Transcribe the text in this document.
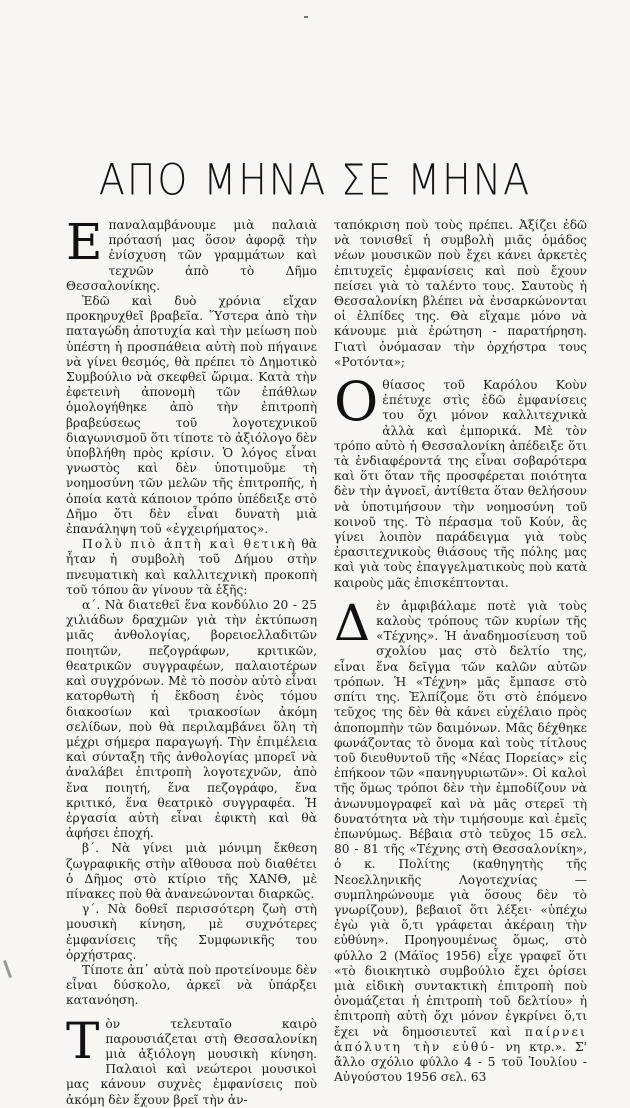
ΑΠΟ ΜΗΝΑ ΣΕ ΜΗΝΑ

Επαναλαμβάνουμε μιὰ παλαιὰ πρότασή μας ὅσον ἀφορᾷ τὴν ἐνίσχυση τῶν γραμμάτων καὶ τεχνῶν ἀπὸ τὸ Δῆμο Θεσσαλονίκης.

Ἐδῶ καὶ δυὸ χρόνια εἴχαν προκηρυχθεῖ βραβεῖα. Ὕστερα ἀπὸ τὴν παταγώδη ἀποτυχία καὶ τὴν μείωση ποὺ ὑπέστη ἡ προσπάθεια αὐτὴ ποὺ πήγαινε νὰ γίνει θεσμός, θὰ πρέπει τὸ Δημοτικὸ Συμβούλιο νὰ σκεφθεῖ ὥριμα. Κατὰ τὴν ἐφετεινὴ ἀπονομὴ τῶν ἐπάθλων ὁμολογήθηκε ἀπὸ τὴν ἐπιτροπὴ βραβεύσεως τοῦ λογοτεχνικοῦ διαγωνισμοῦ ὅτι τίποτε τὸ ἀξιόλογο δὲν ὑποβλήθη πρὸς κρίσιν. Ὁ λόγος εἶναι γνωστὸς καὶ δὲν ὑποτιμοῦμε τὴ νοημοσύνη τῶν μελῶν τῆς ἐπιτροπῆς, ἡ ὁποία κατὰ κάποιον τρόπο ὑπέδειξε στὸ Δῆμο ὅτι δὲν εἶναι δυνατὴ μιὰ ἐπανάληψη τοῦ «ἐγχειρήματος».

Πολὺ πιὸ ἁπτὴ καὶ θετικὴ θὰ ἦταν ἡ συμβολὴ τοῦ Δήμου στὴν πνευματικὴ καὶ καλλιτεχνικὴ προκοπὴ τοῦ τόπου ἂν γίνουν τὰ ἑξῆς:

α΄. Νὰ διατεθεῖ ἕνα κονδύλιο 20 - 25 χιλιάδων δραχμῶν γιὰ τὴν ἐκτύπωση μιᾶς ἀνθολογίας, βορειοελλαδιτῶν ποιητῶν, πεζογράφων, κριτικῶν, θεατρικῶν συγγραφέων, παλαιοτέρων καὶ συγχρόνων. Μὲ τὸ ποσὸν αὐτὸ εἶναι κατορθωτὴ ἡ ἔκδοση ἑνὸς τόμου διακοσίων καὶ τριακοσίων ἀκόμη σελίδων, ποὺ θὰ περιλαμβάνει ὅλη τὴ μέχρι σήμερα παραγωγή. Τὴν ἐπιμέλεια καὶ σύνταξη τῆς ἀνθολογίας μπορεῖ νὰ ἀναλάβει ἐπιτροπὴ λογοτεχνῶν, ἀπὸ ἕνα ποιητή, ἕνα πεζογράφο, ἕνα κριτικό, ἕνα θεατρικὸ συγγραφέα. Ἡ ἐργασία αὐτὴ εἶναι ἐφικτὴ καὶ θὰ ἀφήσει ἐποχή.

β΄. Νὰ γίνει μιὰ μόνιμη ἔκθεση ζωγραφικῆς στὴν αἴθουσα ποὺ διαθέτει ὁ Δῆμος στὸ κτίριο τῆς ΧΑΝΘ, μὲ πίνακες ποὺ θὰ ἀνανεώνονται διαρκῶς.

γ΄. Νὰ δοθεῖ περισσότερη ζωὴ στὴ μουσικὴ κίνηση, μὲ συχνότερες ἐμφανίσεις τῆς Συμφωνικῆς του ὀρχήστρας.

Τίποτε ἀπ᾿ αὐτὰ ποὺ προτείνουμε δὲν εἶναι δύσκολο, ἀρκεῖ νὰ ὑπάρξει κατανόηση.

Τὸν τελευταῖο καιρὸ παρουσιάζεται στὴ Θεσσαλονίκη μιὰ ἀξιόλογη μουσικὴ κίνηση. Παλαιοὶ καὶ νεώτεροι μουσικοὶ μας κάνουν συχνὲς ἐμφανίσεις ποὺ ἀκόμη δὲν ἔχουν βρεῖ τὴν ἀν-

ταπόκριση ποὺ τοὺς πρέπει. Ἀξίζει ἐδῶ νὰ τονισθεῖ ἡ συμβολὴ μιᾶς ὁμάδος νέων μουσικῶν ποὺ ἔχει κάνει ἀρκετὲς ἐπιτυχεῖς ἐμφανίσεις καὶ ποὺ ἔχουν πείσει γιὰ τὸ ταλέντο τους. Σαυτοὺς ἡ Θεσσαλονίκη βλέπει νὰ ἐνσαρκώνονται οἱ ἐλπίδες της. Θὰ εἴχαμε μόνο νὰ κάνουμε μιὰ ἐρώτηση - παρατήρηση. Γιατὶ ὀνόμασαν τὴν ὀρχήστρα τους «Ροτόντα»;

Οθίασος τοῦ Καρόλου Κοὺν ἐπέτυχε στὶς ἐδῶ ἐμφανίσεις του ὄχι μόνον καλλιτεχνικὰ ἀλλὰ καὶ ἐμπορικά. Μὲ τὸν τρόπο αὐτὸ ἡ Θεσσαλονίκη ἀπέδειξε ὅτι τὰ ἐνδιαφέροντά της εἶναι σοβαρότερα καὶ ὅτι ὅταν τῆς προσφέρεται ποιότητα δὲν τὴν ἀγνοεῖ, ἀντίθετα ὅταν θελήσουν νὰ ὑποτιμήσουν τὴν νοημοσύνη τοῦ κοινοῦ της. Τὸ πέρασμα τοῦ Κούν, ἂς γίνει λοιπὸν παράδειγμα γιὰ τοὺς ἐρασιτεχνικοὺς θιάσους τῆς πόλης μας καὶ γιὰ τοὺς ἐπαγγελματικοὺς ποὺ κατὰ καιροὺς μᾶς ἐπισκέπτονται.

Δὲν ἀμφιβάλαμε ποτὲ γιὰ τοὺς καλοὺς τρόπους τῶν κυρίων τῆς «Τέχνης». Ἡ ἀναδημοσίευση τοῦ σχολίου μας στὸ δελτίο της, εἶναι ἕνα δεῖγμα τῶν καλῶν αὐτῶν τρόπων. Ἡ «Τέχνη» μᾶς ἔμπασε στὸ σπίτι της. Ἐλπίζομε ὅτι στὸ ἑπόμενο τεῦχος της δὲν θὰ κάνει εὐχέλαιο πρὸς ἀποπομπὴν τῶν δαιμόνων. Μᾶς δέχθηκε φωνάζοντας τὸ ὄνομα καὶ τοὺς τίτλους τοῦ διευθυντοῦ τῆς «Νέας Πορείας» εἰς ἐπήκοον τῶν «πανηγυριωτῶν». Οἱ καλοὶ τῆς ὅμως τρόποι δὲν τὴν ἐμποδίζουν νὰ ἀνωνυμογραφεῖ καὶ νὰ μᾶς στερεῖ τὴ δυνατότητα νὰ τὴν τιμήσουμε καὶ ἐμεῖς ἐπωνύμως. Βέβαια στὸ τεῦχος 15 σελ. 80 - 81 τῆς «Τέχνης στὴ Θεσσαλονίκη», ὁ κ. Πολίτης (καθηγητὴς τῆς Νεοελληνικῆς Λογοτεχνίας — συμπληρώνουμε γιὰ ὅσους δὲν τὸ γνωρίζουν), βεβαιοῖ ὅτι λέξει· «ὑπέχω ἐγὼ γιὰ ὅ,τι γράφεται ἀκέραιη τὴν εὐθύνη». Προηγουμένως ὅμως, στὸ φύλλο 2 (Μάϊος 1956) εἶχε γραφεῖ ὅτι «τὸ διοικητικὸ συμβούλιο ἔχει ὁρίσει μιὰ εἰδικὴ συντακτικὴ ἐπιτροπὴ ποὺ ὀνομάζεται ἡ ἐπιτροπὴ τοῦ δελτίου» ἡ ἐπιτροπὴ αὐτὴ ὄχι μόνον ἐγκρίνει ὅ,τι ἔχει νὰ δημοσιευτεῖ καὶ παίρνει ἀπόλυτη τὴν εὐθύ- νη κτρ.». Σ' ἄλλο σχόλιο φύλλο 4 - 5 τοῦ Ἰουλίου - Αὐγούστου 1956 σελ. 63
